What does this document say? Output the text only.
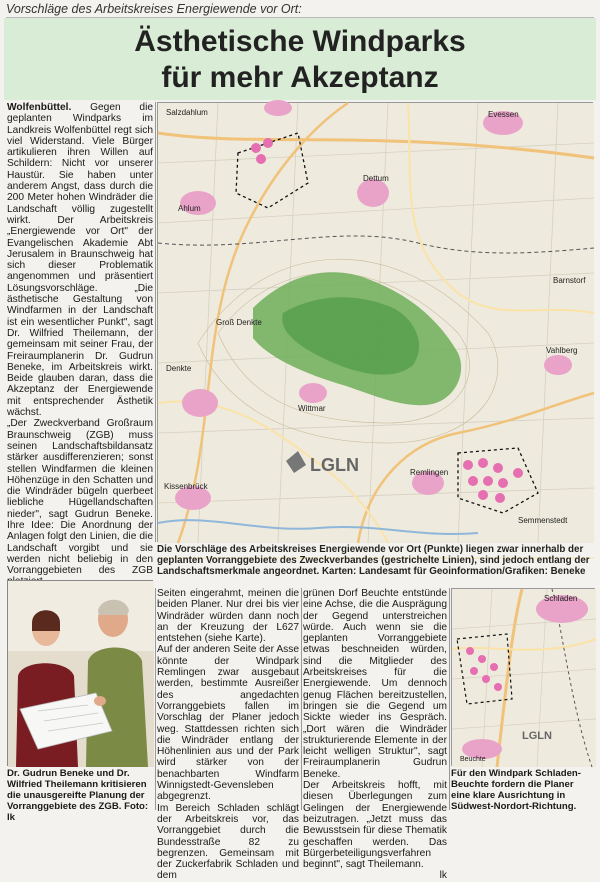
Vorschläge des Arbeitskreises Energiewende vor Ort:
Ästhetische Windparks
für mehr Akzeptanz

Wolfenbüttel. Gegen die geplanten Windparks im Landkreis Wolfenbüttel regt sich viel Widerstand. Viele Bürger artikulieren ihren Willen auf Schildern: Nicht vor unserer Haustür. Sie haben unter anderem Angst, dass durch die 200 Meter hohen Windräder die Landschaft völlig zugestellt wirkt. Der Arbeitskreis „Energiewende vor Ort" der Evangelischen Akademie Abt Jerusalem in Braunschweig hat sich dieser Problematik angenommen und präsentiert Lösungsvorschläge. „Die ästhetische Gestaltung von Windfarmen in der Landschaft ist ein wesentlicher Punkt", sagt Dr. Wilfried Theilemann, der gemeinsam mit seiner Frau, der Freiraumplanerin Dr. Gudrun Beneke, im Arbeitskreis wirkt. Beide glauben daran, dass die Akzeptanz der Energiewende mit entsprechender Ästhetik wächst.

„Der Zweckverband Großraum Braunschweig (ZGB) muss seinen Landschaftsbildansatz stärker ausdifferenzieren; sonst stellen Windfarmen die kleinen Höhenzüge in den Schatten und die Windräder bügeln querbeet liebliche Hügellandschaften nieder", sagt Gudrun Beneke. Ihre Idee: Die Anordnung der Anlagen folgt den Linien, die die Landschaft vorgibt und sie werden nicht beliebig in den Vorranggebieten des ZGB

Salzdahlum	Evessen
Ahlum
Dettum
Groß Denkte
Denkte
Wittmar
Kissenbrück
Remlingen
Semmenstedt
Vahlberg
Barnstorf
LGLN
Die Vorschläge des Arbeitskreises Energiewende vor Ort (Punkte) liegen zwar innerhalb der geplanten Vorranggebiete des Zweckverbandes (gestrichelte Linien), sind jedoch entlang der Landschaftsmerkmale angeordnet. Karten: Landesamt für Geoinformation/Grafiken: Beneke
Dr. Gudrun Beneke und Dr. Wilfried Theilemann kritisieren die unausgereifte Planung der Vorranggebiete des ZGB. Foto: lk

Seiten eingerahmt, meinen die beiden Planer. Nur drei bis vier Windräder würden dann noch an der Kreuzung der L627 entstehen (siehe Karte).

Auf der anderen Seite der Asse könnte der Windpark Remlingen zwar ausgebaut werden, bestimmte Ausreißer des angedachten Vorranggebiets fallen im Vorschlag der Planer jedoch weg. Stattdessen richten sich die Windräder entlang der Höhenlinien aus und der Park wird stärker von der benachbarten Windfarm Winnigstedt-Gevensleben abgegrenzt.

Im Bereich Schladen schlägt der Arbeitskreis vor, das Vorranggebiet durch die Bundesstraße 82 zu begrenzen. Gemeinsam mit der Zuckerfabrik Schladen und dem

grünen Dorf Beuchte entstünde eine Achse, die die Ausprägung der Gegend unterstreichen würde. Auch wenn sie die geplanten Vorranggebiete etwas beschneiden würden, sind die Mitglieder des Arbeitskreises für die Energiewende. Um dennoch genug Flächen bereitzustellen, bringen sie die Gegend um Sickte wieder ins Gespräch. „Dort wären die Windräder strukturierende Elemente in der leicht welligen Struktur", sagt Freiraumplanerin Gudrun Beneke.

Der Arbeitskreis hofft, mit diesen Überlegungen zum Gelingen der Energiewende beizutragen. „Jetzt muss das Bewusstsein für diese Thematik geschaffen werden. Das Bürgerbeteiligungsverfahren beginnt", sagt Theilemann.

lk

Schladen
Beuchte
LGLN
Für den Windpark Schladen-Beuchte fordern die Planer eine klare Ausrichtung in Südwest-Nordort-Richtung.
